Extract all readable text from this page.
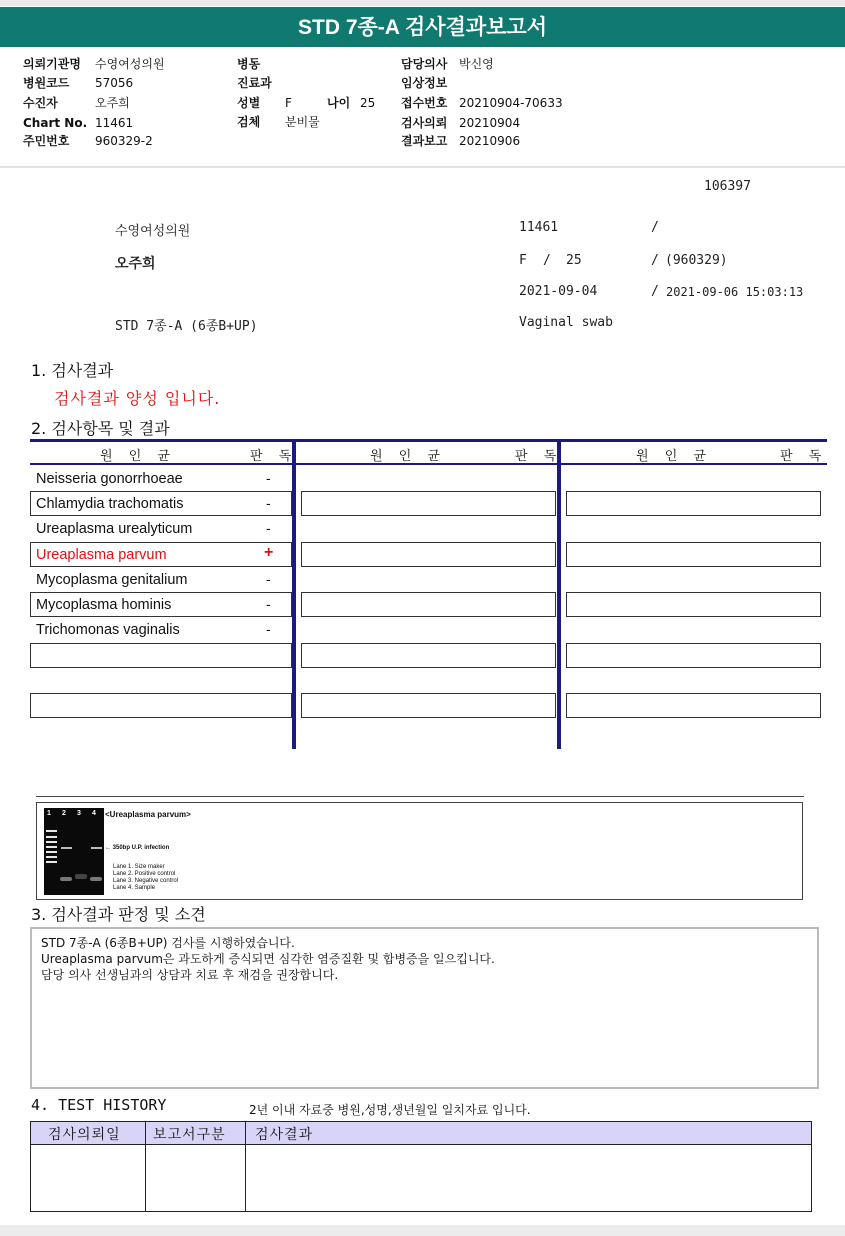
STD 7종-A 검사결과보고서
의뢰기관명 수영여성의원
병원코드 57056
수진자	오주희
Chart No. 11461
주민번호 960329-2
병동
진료과
성별 F	나이 25
검체 분비물
담당의사 박신영
임상정보
접수번호 20210904-70633
검사의뢰 20210904
결과보고 20210906
106397
수영여성의원	11461	/
오주희	F / 25	/ (960329)
2021-09-04	/ 2021-09-06 15:03:13
STD 7종-A (6종B+UP)	Vaginal swab
1. 검사결과
검사결과 양성 입니다.
2. 검사항목 및 결과
원 인 균	판 독	원 인 균	판 독	원 인 균	판 독
Neisseria gonorrhoeae	-
Chlamydia trachomatis	-
Ureaplasma urealyticum	-
Ureaplasma parvum	+
Mycoplasma genitalium	-
Mycoplasma hominis	-
Trichomonas vaginalis	-
1 2 3 4 <Ureaplasma parvum>
← 350bp U.P. infection
Lane 1. Size maker
Lane 2. Positive control
Lane 3. Negative control
Lane 4. Sample
3. 검사결과 판정 및 소견
STD 7종-A (6종B+UP) 검사를 시행하였습니다.
Ureaplasma parvum은 과도하게 증식되면 심각한 염증질환 및 합병증을 일으킵니다.
담당 의사 선생님과의 상담과 치료 후 재검을 권장합니다.
4. TEST HISTORY	2년 이내 자료중 병원,성명,생년월일 일치자료 입니다.
검사의뢰일 보고서구분 검사결과
